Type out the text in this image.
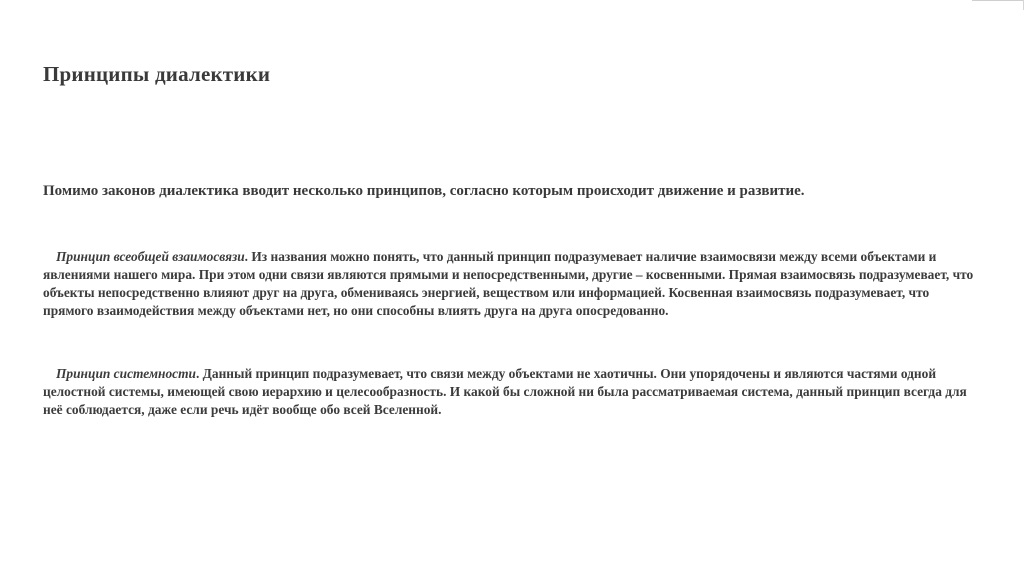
Принципы диалектики

Помимо законов диалектика вводит несколько принципов, согласно которым происходит движение и развитие.

Принцип всеобщей взаимосвязи. Из названия можно понять, что данный принцип подразумевает наличие взаимосвязи между всеми объектами и явлениями нашего мира. При этом одни связи являются прямыми и непосредственными, другие – косвенными. Прямая взаимосвязь подразумевает, что объекты непосредственно влияют друг на друга, обмениваясь энергией, веществом или информацией. Косвенная взаимосвязь подразумевает, что прямого взаимодействия между объектами нет, но они способны влиять друга на друга опосредованно.

Принцип системности. Данный принцип подразумевает, что связи между объектами не хаотичны. Они упорядочены и являются частями одной целостной системы, имеющей свою иерархию и целесообразность. И какой бы сложной ни была рассматриваемая система, данный принцип всегда для неё соблюдается, даже если речь идёт вообще обо всей Вселенной.
